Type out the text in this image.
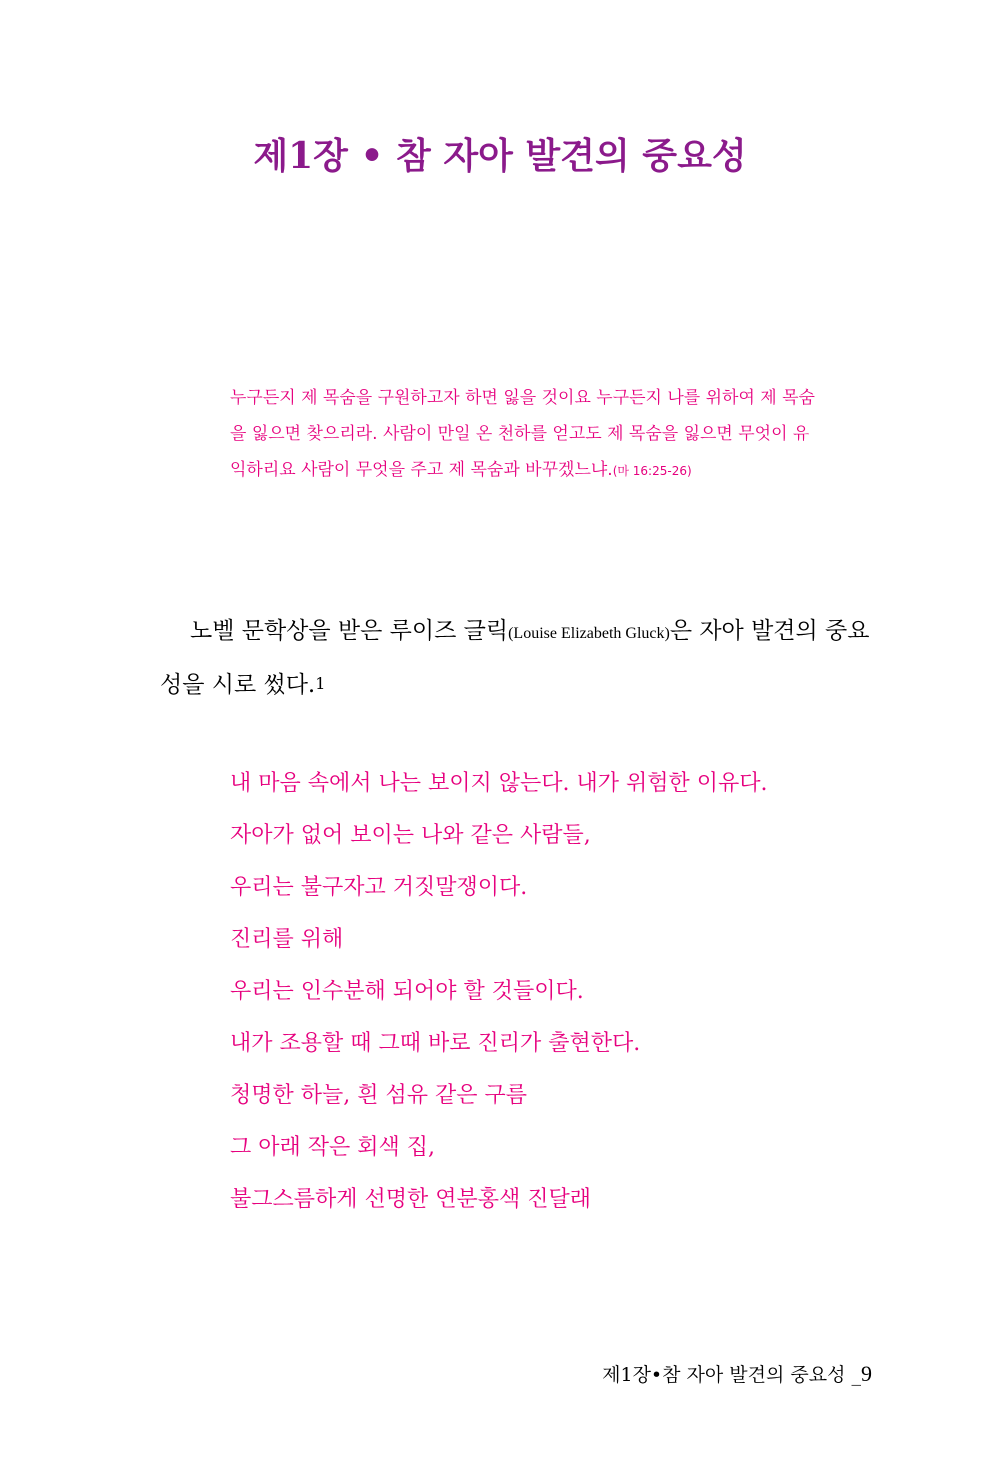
제1장 • 참 자아 발견의 중요성
누구든지 제 목숨을 구원하고자 하면 잃을 것이요 누구든지 나를 위하여 제 목숨을 잃으면 찾으리라. 사람이 만일 온 천하를 얻고도 제 목숨을 잃으면 무엇이 유익하리요 사람이 무엇을 주고 제 목숨과 바꾸겠느냐.(마 16:25-26)
노벨 문학상을 받은 루이즈 글릭(Louise Elizabeth Gluck)은 자아 발견의 중요성을 시로 썼다.1
내 마음 속에서 나는 보이지 않는다. 내가 위험한 이유다.
자아가 없어 보이는 나와 같은 사람들,
우리는 불구자고 거짓말쟁이다.
진리를 위해
우리는 인수분해 되어야 할 것들이다.
내가 조용할 때 그때 바로 진리가 출현한다.
청명한 하늘, 흰 섬유 같은 구름
그 아래 작은 회색 집,
불그스름하게 선명한 연분홍색 진달래
제1장•참 자아 발견의 중요성 _9
